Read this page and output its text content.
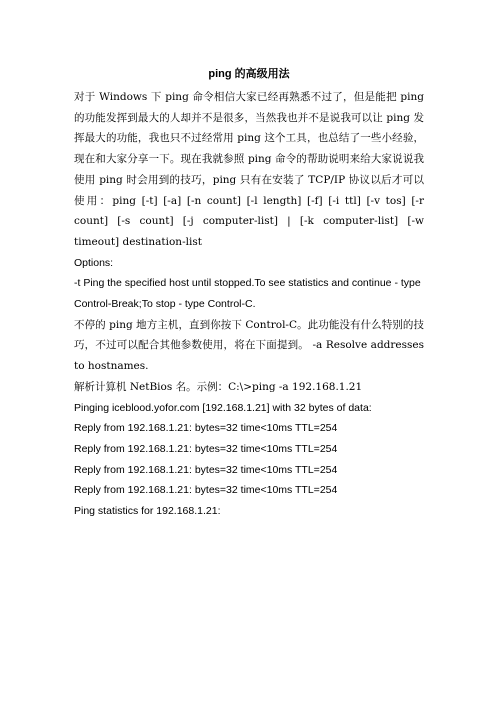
ping 的高级用法

对于 Windows 下 ping 命令相信大家已经再熟悉不过了，但是能把 ping 的功能发挥到最大的人却并不是很多，当然我也并不是说我可以让 ping 发挥最大的功能，我也只不过经常用 ping 这个工具，也总结了一些小经验，现在和大家分享一下。现在我就参照 ping 命令的帮助说明来给大家说说我使用 ping 时会用到的技巧，ping 只有在安装了 TCP/IP 协议以后才可以使用：ping [-t] [-a] [-n count] [-l length] [-f] [-i ttl] [-v tos] [-r count] [-s count] [-j computer-list] | [-k computer-list] [-w timeout] destination-list

Options:

-t Ping the specified host until stopped.To see statistics and continue - type Control-Break;To stop - type Control-C.

不停的 ping 地方主机，直到你按下 Control-C。此功能没有什么特别的技巧，不过可以配合其他参数使用，将在下面提到。 -a Resolve addresses to hostnames.

解析计算机 NetBios 名。示例：C:\>ping -a 192.168.1.21

Pinging iceblood.yofor.com [192.168.1.21] with 32 bytes of data:

Reply from 192.168.1.21: bytes=32 time<10ms TTL=254

Reply from 192.168.1.21: bytes=32 time<10ms TTL=254

Reply from 192.168.1.21: bytes=32 time<10ms TTL=254

Reply from 192.168.1.21: bytes=32 time<10ms TTL=254

Ping statistics for 192.168.1.21:
